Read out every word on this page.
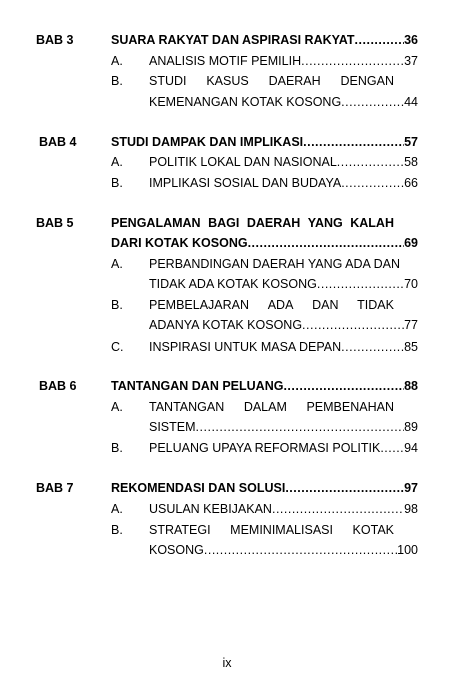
BAB 3	SUARA RAKYAT DAN ASPIRASI RAKYAT .....	36
A. ANALISIS MOTIF PEMILIH .....	37
B. STUDI KASUS DAERAH DENGAN
KEMENANGAN KOTAK KOSONG .....	44
BAB 4	STUDI DAMPAK DAN IMPLIKASI .....	57
A. POLITIK LOKAL DAN NASIONAL .....	58
B. IMPLIKASI SOSIAL DAN BUDAYA .....	66
BAB 5	PENGALAMAN BAGI DAERAH YANG KALAH
DARI KOTAK KOSONG .....	69
A. PERBANDINGAN DAERAH YANG ADA DAN
TIDAK ADA KOTAK KOSONG .....	70
B. PEMBELAJARAN ADA DAN TIDAK
ADANYA KOTAK KOSONG .....	77
C. INSPIRASI UNTUK MASA DEPAN .....	85
BAB 6	TANTANGAN DAN PELUANG .....	88
A. TANTANGAN DALAM PEMBENAHAN
SISTEM .....	89
B. PELUANG UPAYA REFORMASI POLITIK ..... 94
BAB 7	REKOMENDASI DAN SOLUSI .....	97
A. USULAN KEBIJAKAN .....	98
B. STRATEGI MEMINIMALISASI KOTAK
KOSONG .....	100
ix
